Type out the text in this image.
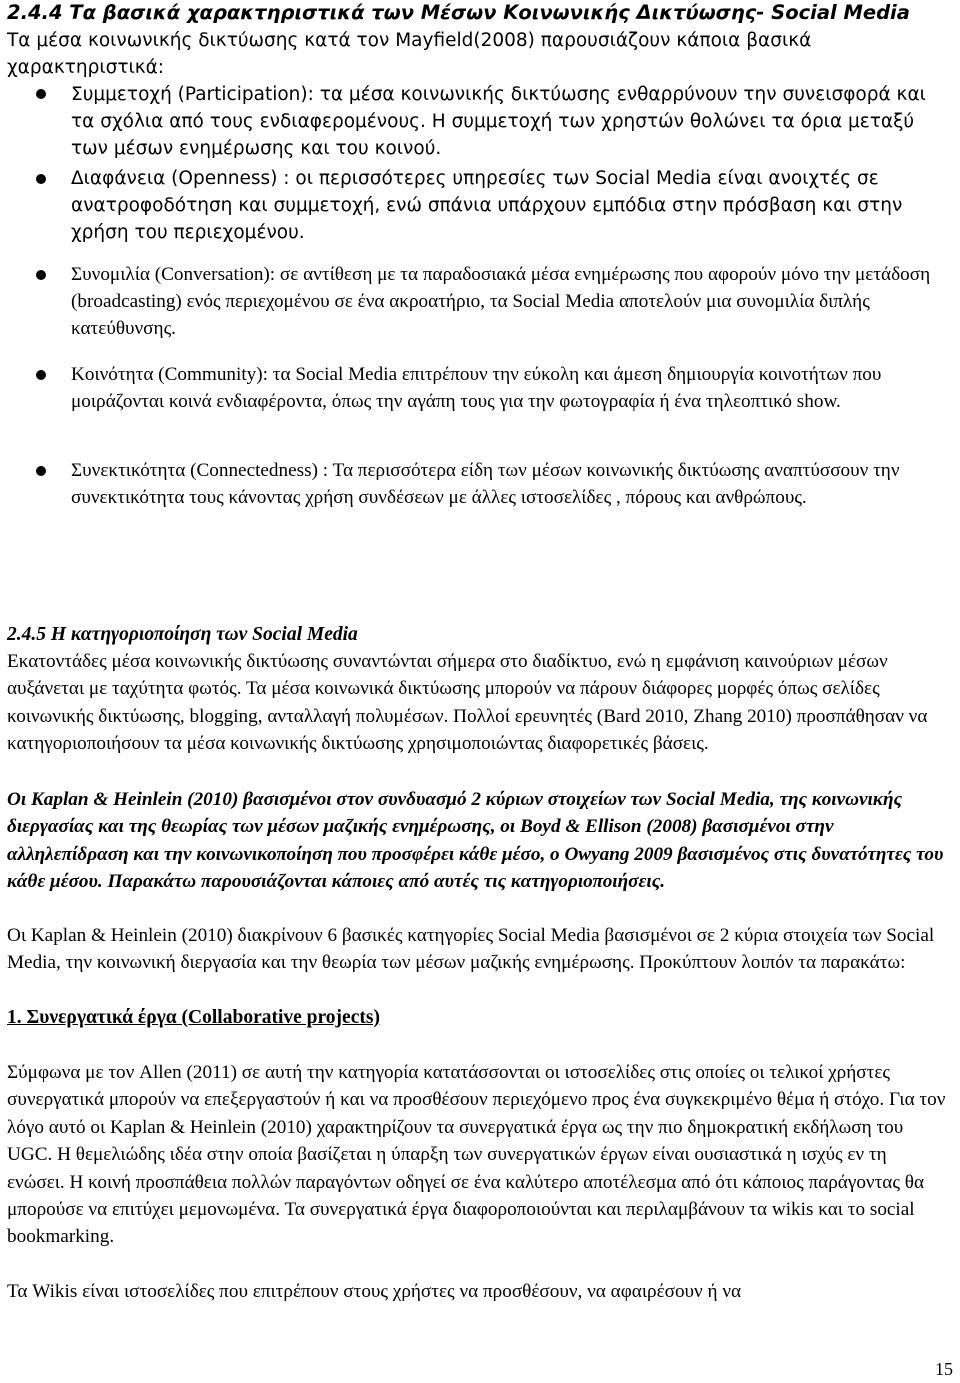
2.4.4 Τα βασικά χαρακτηριστικά των Μέσων Κοινωνικής Δικτύωσης- Social Media
Τα μέσα κοινωνικής δικτύωσης κατά τον Mayfield(2008) παρουσιάζουν κάποια βασικά χαρακτηριστικά:
Συμμετοχή (Participation): τα μέσα κοινωνικής δικτύωσης ενθαρρύνουν την συνεισφορά και τα σχόλια από τους ενδιαφερομένους. Η συμμετοχή των χρηστών θολώνει τα όρια μεταξύ των μέσων ενημέρωσης και του κοινού.
Διαφάνεια (Openness) : οι περισσότερες υπηρεσίες των Social Media είναι ανοιχτές σε ανατροφοδότηση και συμμετοχή, ενώ σπάνια υπάρχουν εμπόδια στην πρόσβαση και στην χρήση του περιεχομένου.
Συνομιλία (Conversation): σε αντίθεση με τα παραδοσιακά μέσα ενημέρωσης που αφορούν μόνο την μετάδοση (broadcasting) ενός περιεχομένου σε ένα ακροατήριο, τα Social Media αποτελούν μια συνομιλία διπλής κατεύθυνσης.
Κοινότητα (Community): τα Social Media επιτρέπουν την εύκολη και άμεση δημιουργία κοινοτήτων που μοιράζονται κοινά ενδιαφέροντα, όπως την αγάπη τους για την φωτογραφία ή ένα τηλεοπτικό show.
Συνεκτικότητα (Connectedness) : Τα περισσότερα είδη των μέσων κοινωνικής δικτύωσης αναπτύσσουν την συνεκτικότητα τους κάνοντας χρήση συνδέσεων με άλλες ιστοσελίδες , πόρους και ανθρώπους.
2.4.5 Η κατηγοριοποίηση των Social Media
Εκατοντάδες μέσα κοινωνικής δικτύωσης συναντώνται σήμερα στο διαδίκτυο, ενώ η εμφάνιση καινούριων μέσων αυξάνεται με ταχύτητα φωτός. Τα μέσα κοινωνικά δικτύωσης μπορούν να πάρουν διάφορες μορφές όπως σελίδες κοινωνικής δικτύωσης, blogging, ανταλλαγή πολυμέσων. Πολλοί ερευνητές (Bard 2010, Zhang 2010) προσπάθησαν να κατηγοριοποιήσουν τα μέσα κοινωνικής δικτύωσης χρησιμοποιώντας διαφορετικές βάσεις.
Οι Kaplan & Heinlein (2010) βασισμένοι στον συνδυασμό 2 κύριων στοιχείων των Social Media, της κοινωνικής διεργασίας και της θεωρίας των μέσων μαζικής ενημέρωσης, οι Boyd & Ellison (2008) βασισμένοι στην αλληλεπίδραση και την κοινωνικοποίηση που προσφέρει κάθε μέσο, ο Owyang 2009 βασισμένος στις δυνατότητες του κάθε μέσου. Παρακάτω παρουσιάζονται κάποιες από αυτές τις κατηγοριοποιήσεις.
Οι Kaplan & Heinlein (2010) διακρίνουν 6 βασικές κατηγορίες Social Media βασισμένοι σε 2 κύρια στοιχεία των Social Media, την κοινωνική διεργασία και την θεωρία των μέσων μαζικής ενημέρωσης. Προκύπτουν λοιπόν τα παρακάτω:
1. Συνεργατικά έργα (Collaborative projects)
Σύμφωνα με τον Allen (2011) σε αυτή την κατηγορία κατατάσσονται οι ιστοσελίδες στις οποίες οι τελικοί χρήστες συνεργατικά μπορούν να επεξεργαστούν ή και να προσθέσουν περιεχόμενο προς ένα συγκεκριμένο θέμα ή στόχο. Για τον λόγο αυτό οι Kaplan & Heinlein (2010) χαρακτηρίζουν τα συνεργατικά έργα ως την πιο δημοκρατική εκδήλωση του UGC. Η θεμελιώδης ιδέα στην οποία βασίζεται η ύπαρξη των συνεργατικών έργων είναι ουσιαστικά η ισχύς εν τη ενώσει. Η κοινή προσπάθεια πολλών παραγόντων οδηγεί σε ένα καλύτερο αποτέλεσμα από ότι κάποιος παράγοντας θα μπορούσε να επιτύχει μεμονωμένα. Τα συνεργατικά έργα διαφοροποιούνται και περιλαμβάνουν τα wikis και το social bookmarking.
Τα Wikis είναι ιστοσελίδες που επιτρέπουν στους χρήστες να προσθέσουν, να αφαιρέσουν ή να
15
